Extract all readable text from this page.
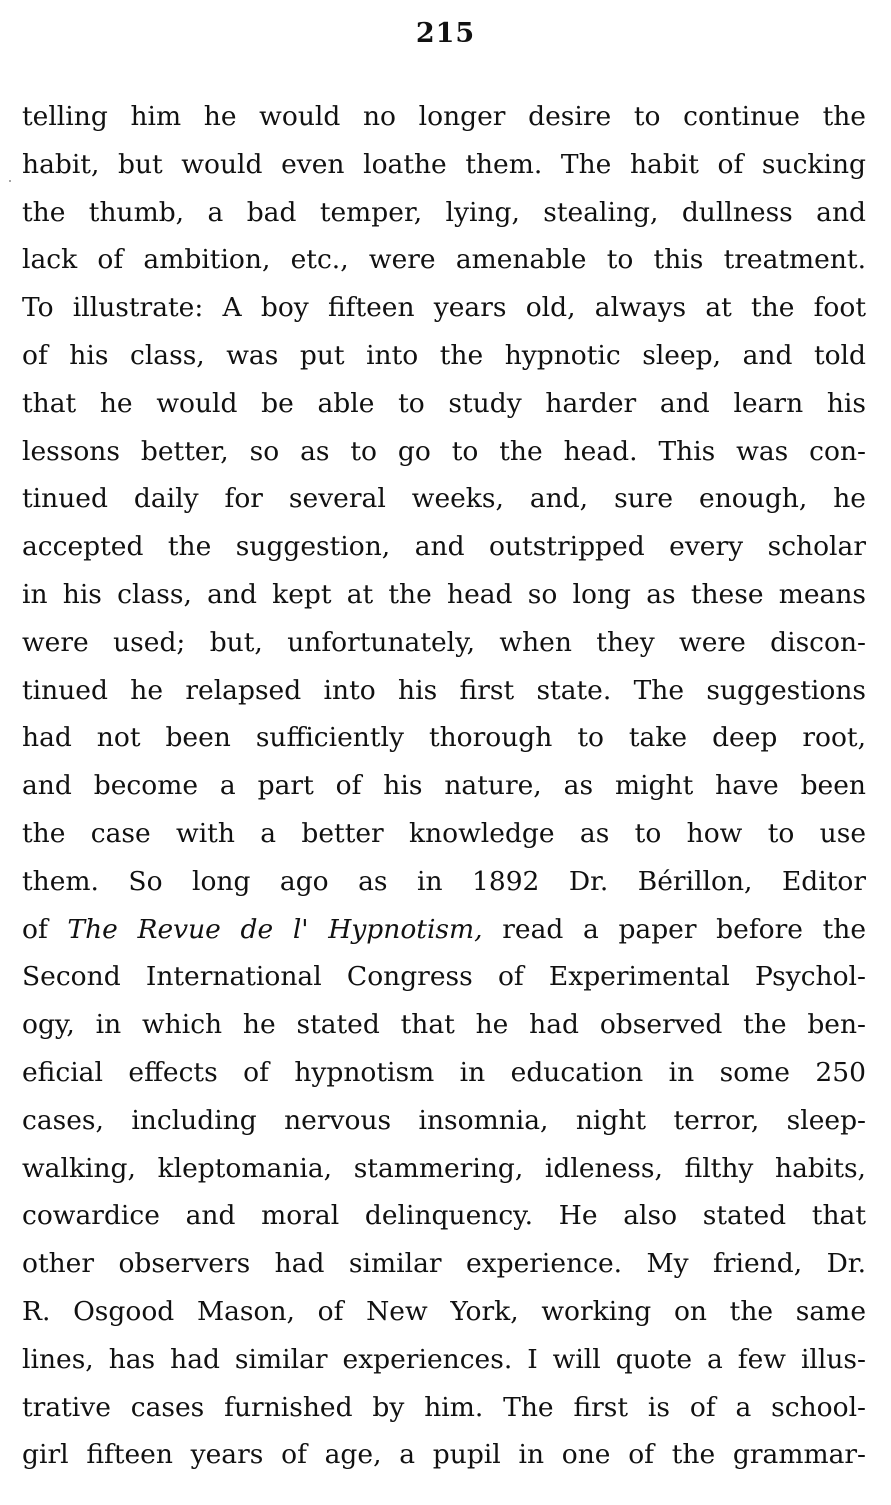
215
telling him he would no longer desire to continue the
habit, but would even loathe them. The habit of sucking
the thumb, a bad temper, lying, stealing, dullness and
lack of ambition, etc., were amenable to this treatment.
To illustrate: A boy fifteen years old, always at the foot
of his class, was put into the hypnotic sleep, and told
that he would be able to study harder and learn his
lessons better, so as to go to the head. This was con-
tinued daily for several weeks, and, sure enough, he
accepted the suggestion, and outstripped every scholar
in his class, and kept at the head so long as these means
were used; but, unfortunately, when they were discon-
tinued he relapsed into his first state. The suggestions
had not been sufficiently thorough to take deep root,
and become a part of his nature, as might have been
the case with a better knowledge as to how to use
them. So long ago as in 1892 Dr. Bérillon, Editor
of The Revue de l' Hypnotism, read a paper before the
Second International Congress of Experimental Psychol-
ogy, in which he stated that he had observed the ben-
eficial effects of hypnotism in education in some 250
cases, including nervous insomnia, night terror, sleep-
walking, kleptomania, stammering, idleness, filthy habits,
cowardice and moral delinquency. He also stated that
other observers had similar experience. My friend, Dr.
R. Osgood Mason, of New York, working on the same
lines, has had similar experiences. I will quote a few illus-
trative cases furnished by him. The first is of a school-
girl fifteen years of age, a pupil in one of the grammar-
